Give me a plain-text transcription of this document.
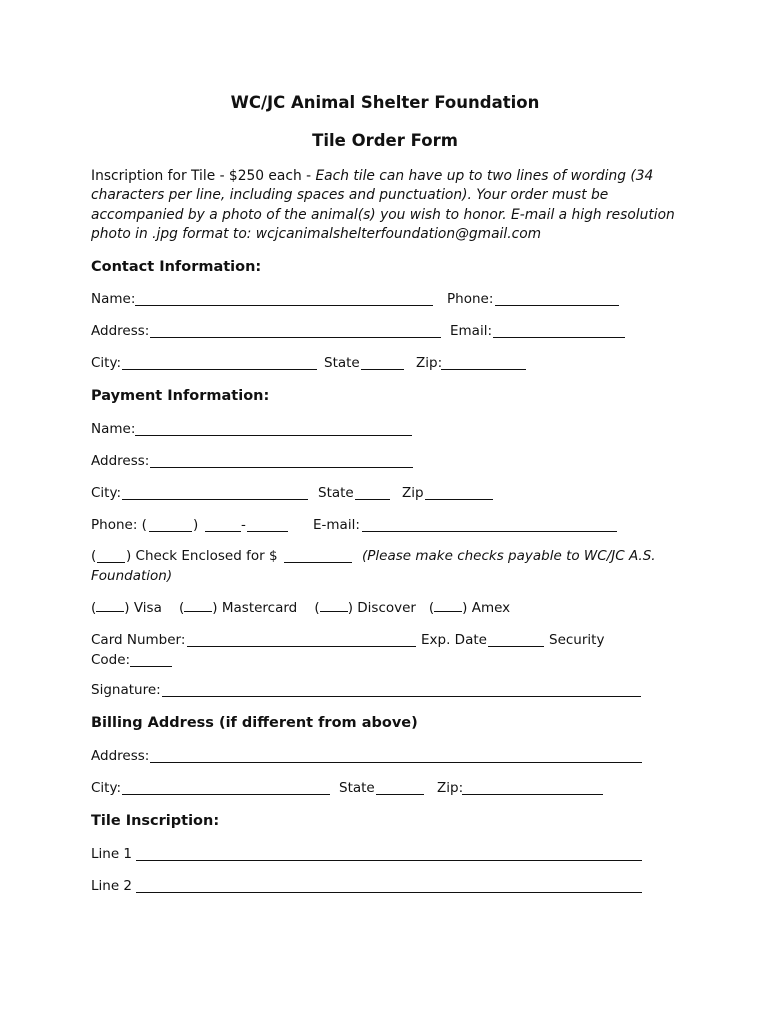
WC/JC Animal Shelter Foundation
Tile Order Form
Inscription for Tile - $250 each - Each tile can have up to two lines of wording (34 characters per line, including spaces and punctuation). Your order must be accompanied by a photo of the animal(s) you wish to honor. E-mail a high resolution photo in .jpg format to: wcjcanimalshelterfoundation@gmail.com
Contact Information:
Name:	Phone:
Address:	Email:
City:	State	Zip:
Payment Information:
Name:
Address:
City:	State	Zip
Phone: (	)	-	E-mail:
( ) Check Enclosed for $	(Please make checks payable to WC/JC A.S.
Foundation)
( ) Visa ( ) Mastercard ( ) Discover ( ) Amex
Card Number:	Exp. Date	Security
Code:
Signature:
Billing Address (if different from above)
Address:
City:	State	Zip:
Tile Inscription:
Line 1
Line 2
